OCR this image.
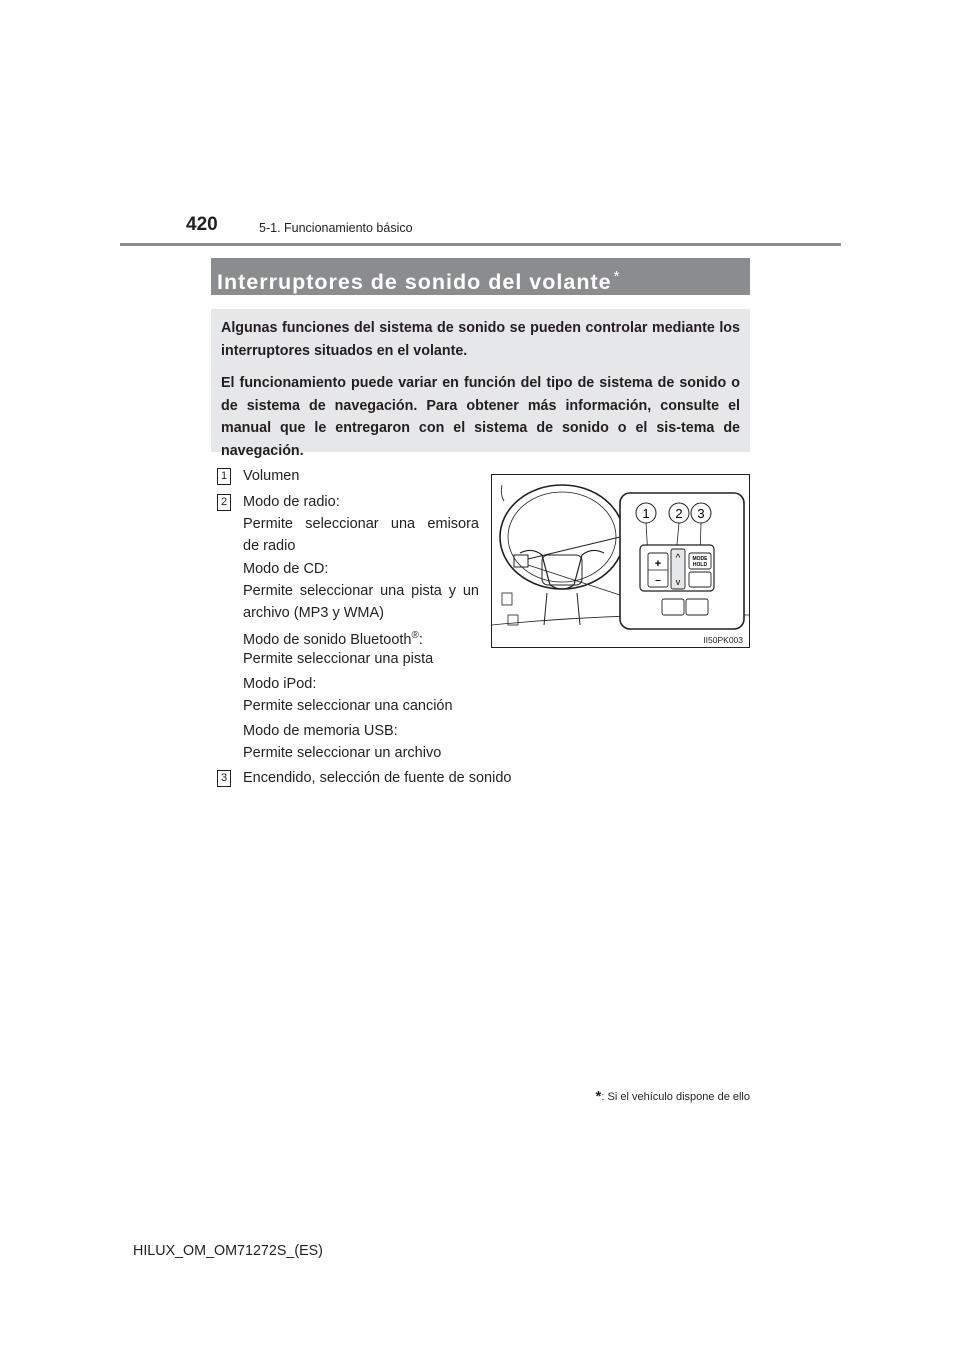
420	5-1. Funcionamiento básico
Interruptores de sonido del volante *

Algunas funciones del sistema de sonido se pueden controlar mediante los interruptores situados en el volante.

El funcionamiento puede variar en función del tipo de sistema de sonido o de sistema de navegación. Para obtener más información, consulte el manual que le entregaron con el sistema de sonido o el sis-tema de navegación.

1 Volumen
2 Modo de radio:
Permite seleccionar una emisora
de radio
Modo de CD:
Permite seleccionar una pista y un
archivo (MP3 y WMA)
Modo de sonido Bluetooth®:
Permite seleccionar una pista
Modo iPod:
Permite seleccionar una canción
Modo de memoria USB:
Permite seleccionar un archivo
3 Encendido, selección de fuente de sonido
1 2 3
+
–
^
v
MODE
HOLD
II50PK003
*: Si el vehículo dispone de ello
HILUX_OM_OM71272S_(ES)
